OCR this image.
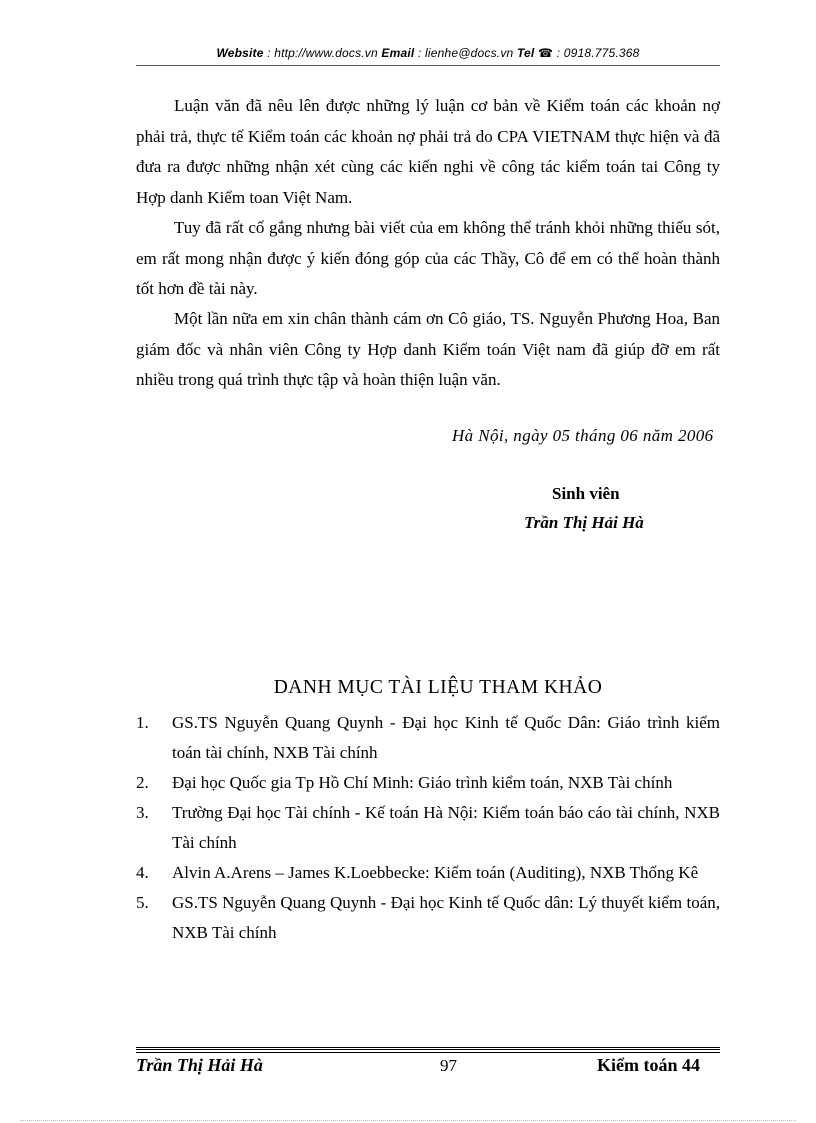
Website : http://www.docs.vn Email : lienhe@docs.vn Tel ☎ : 0918.775.368

Luận văn đã nêu lên được những lý luận cơ bản về Kiểm toán các khoản nợ phải trả, thực tế Kiểm toán các khoản nợ phải trả do CPA VIETNAM thực hiện và đã đưa ra được những nhận xét cùng các kiến nghi về công tác kiểm toán tai Công ty Hợp danh Kiểm toan Việt Nam.

Tuy đã rất cố gắng nhưng bài viết của em không thể tránh khỏi những thiếu sót, em rất mong nhận được ý kiến đóng góp của các Thầy, Cô để em có thể hoàn thành tốt hơn đề tài này.

Một lần nữa em xin chân thành cám ơn Cô giáo, TS. Nguyễn Phương Hoa, Ban giám đốc và nhân viên Công ty Hợp danh Kiểm toán Việt nam đã giúp đỡ em rất nhiều trong quá trình thực tập và hoàn thiện luận văn.

Hà Nội, ngày 05 tháng 06 năm 2006

Sinh viên
Trần Thị Hải Hà
DANH MỤC TÀI LIỆU THAM KHẢO
1. GS.TS Nguyễn Quang Quynh - Đại học Kinh tế Quốc Dân: Giáo trình kiểm toán tài chính, NXB Tài chính
2. Đại học Quốc gia Tp Hồ Chí Minh: Giáo trình kiểm toán, NXB Tài chính
3. Trường Đại học Tài chính - Kế toán Hà Nội: Kiểm toán báo cáo tài chính, NXB Tài chính
4. Alvin A.Arens – James K.Loebbecke: Kiểm toán (Auditing), NXB Thống Kê
5. GS.TS Nguyễn Quang Quynh - Đại học Kinh tế Quốc dân: Lý thuyết kiểm toán, NXB Tài chính
Trần Thị Hải Hà	97	Kiểm toán 44
